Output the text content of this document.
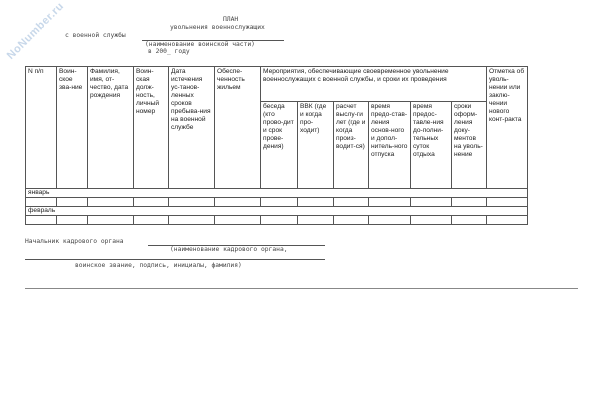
NoNumber.ru	ПЛАН
увольнения военнослужащих
с военной службы
(наименование воинской части)
в 200_ году
N п/п	Воин-ское зва-ние	Фамилия, имя, от-чество, дата рождения	Воин-ская долж-ность, личный номер	Дата истечения ус-танов-ленных сроков пребыва-ния на военной службе	Обеспе-ченность жильем	Мероприятия, обеспечивающие своевременное увольнение военнослужащих с военной службы, и сроки их проведения						Отметка об уволь-нении или заклю-чении нового конт-ракта
						беседа (кто прово-дит и срок прове-дения)	ВВК (где и когда про-ходит)	расчет выслу-ги лет (где и когда произ-водит-ся)	время предо-став-ления основ-ного и допол-нитель-ного отпуска	время предос-тавле-ния до-полни-тельных суток отдыха	сроки оформ-ления доку-ментов на уволь-нение	
январь												

февраль												

Начальник кадрового органа
(наименование кадрового органа,
воинское звание, подпись, инициалы, фамилия)
